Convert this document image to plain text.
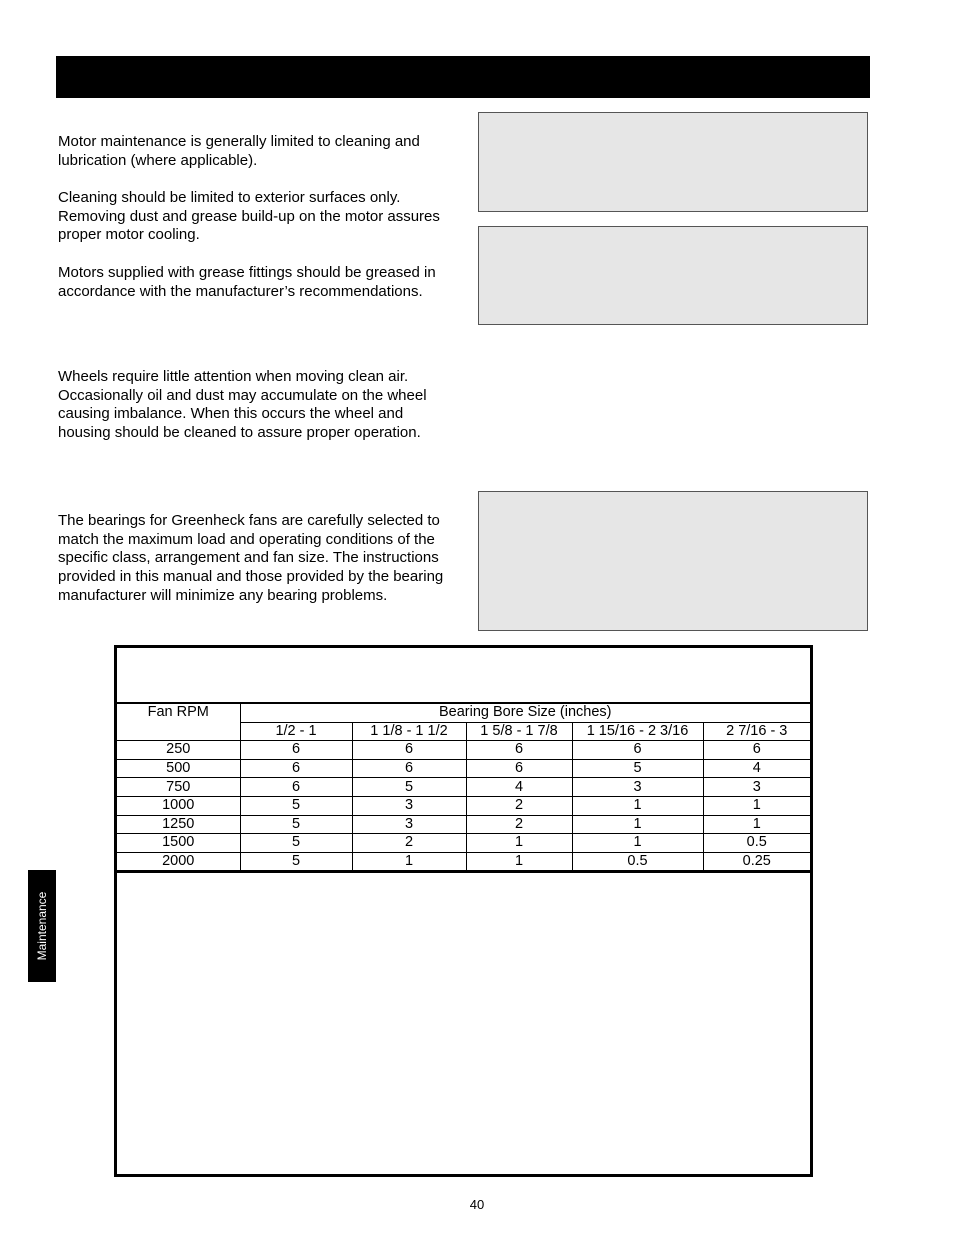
Motor maintenance is generally limited to cleaning and lubrication (where applicable).

Cleaning should be limited to exterior surfaces only. Removing dust and grease build-up on the motor assures proper motor cooling.

Motors supplied with grease fittings should be greased in accordance with the manufacturer’s recommendations.

Wheels require little attention when moving clean air. Occasionally oil and dust may accumulate on the wheel causing imbalance. When this occurs the wheel and housing should be cleaned to assure proper operation.

The bearings for Greenheck fans are carefully selected to match the maximum load and operating conditions of the specific class, arrangement and fan size. The instructions provided in this manual and those provided by the bearing manufacturer will minimize any bearing problems.

Fan RPM	Bearing Bore Size (inches)				
	1/2 - 1	1 1/8 - 1 1/2	1 5/8 - 1 7/8	1 15/16 - 2 3/16	2 7/16 - 3
250	6	6	6	6	6
500	6	6	6	5	4
750	6	5	4	3	3
1000	5	3	2	1	1
1250	5	3	2	1	1
1500	5	2	1	1	0.5
2000	5	1	1	0.5	0.25
Maintenance
40
